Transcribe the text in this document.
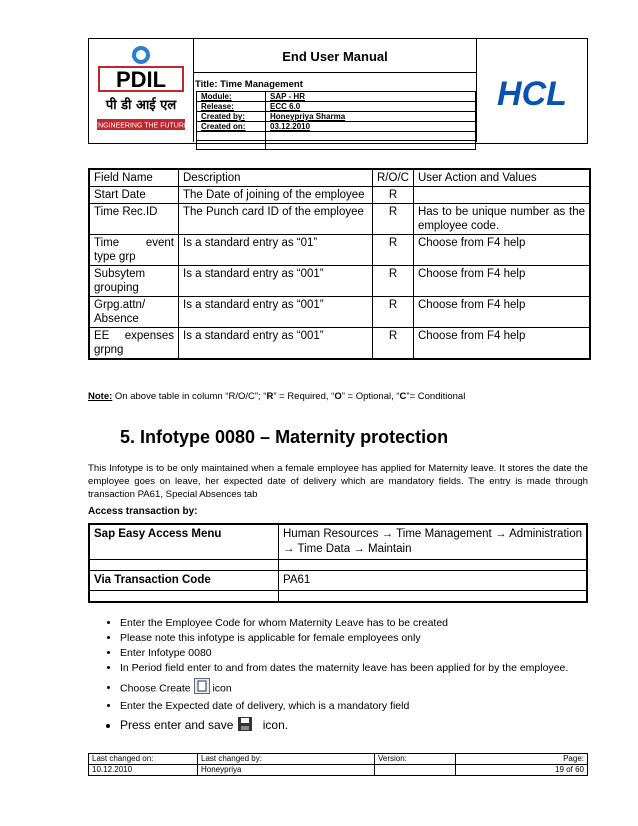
PDIL
पी डी आई एल
ENGINEERING THE FUTURE
End User Manual
Title: Time Management
Module:	SAP - HR
Release:	ECC 6.0
Created by:	Honeypriya Sharma
Created on:	03.12.2010

HCL
Field Name	Description	R/O/C	User Action and Values
Start Date	The Date of joining of the employee	R	
Time Rec.ID	The Punch card ID of the employee	R	Has to be unique number as the employee code.
Time event type grp	Is a standard entry as “01”	R	Choose from F4 help
Subsytem grouping	Is a standard entry as “001”	R	Choose from F4 help
Grpg.attn/ Absence	Is a standard entry as “001”	R	Choose from F4 help
EE expenses grpng	Is a standard entry as “001”	R	Choose from F4 help
Note: On above table in column “R/O/C”; “R” = Required, “O” = Optional, “C”= Conditional
5. Infotype 0080 – Maternity protection
This Infotype is to be only maintained when a female employee has applied for Maternity leave. It stores the date the employee goes on leave, her expected date of delivery which are mandatory fields. The entry is made through transaction PA61, Special Absences tab
Access transaction by:
Sap Easy Access Menu	Human Resources → Time Management → Administration → Time Data → Maintain

Via Transaction Code	PA61

• Enter the Employee Code for whom Maternity Leave has to be created
• Please note this infotype is applicable for female employees only
• Enter Infotype 0080
• In Period field enter to and from dates the maternity leave has been applied for by the employee.
• Choose Create icon
• Enter the Expected date of delivery, which is a mandatory field
• Press enter and save icon.
Last changed on:	Last changed by:	Version:	Page:
10.12.2010	Honeypriya		19 of 60
